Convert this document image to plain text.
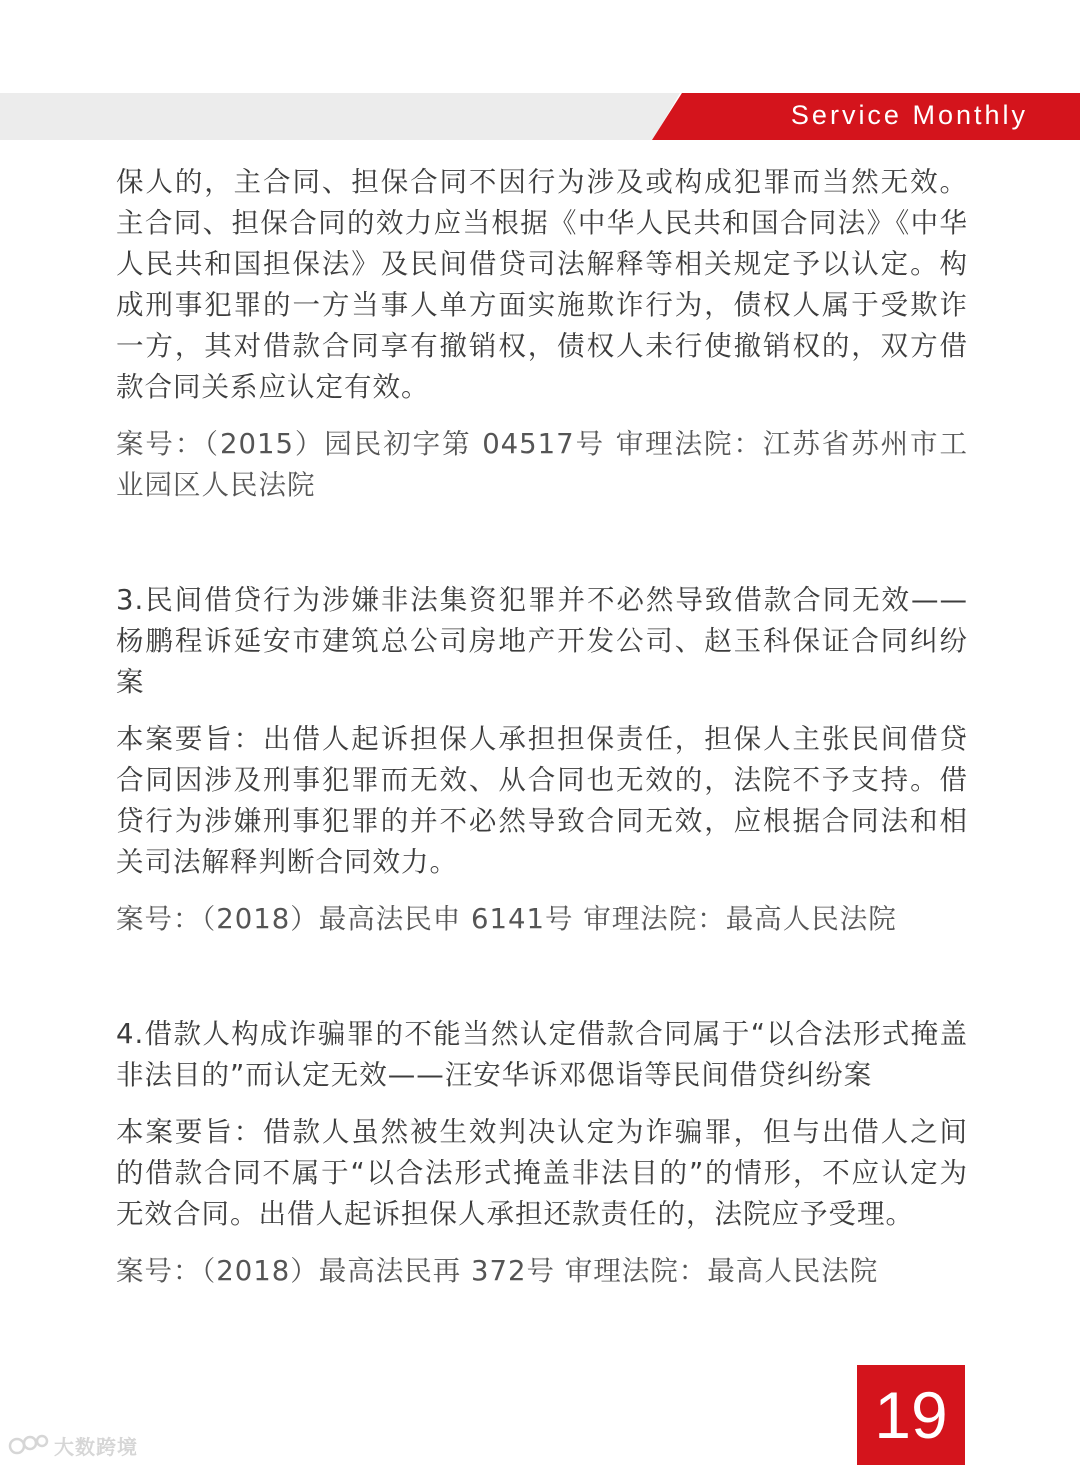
Service Monthly

保人的，主合同、担保合同不因行为涉及或构成犯罪而当然无效。主合同、担保合同的效力应当根据《中华人民共和国合同法》《中华人民共和国担保法》及民间借贷司法解释等相关规定予以认定。构成刑事犯罪的一方当事人单方面实施欺诈行为，债权人属于受欺诈一方，其对借款合同享有撤销权，债权人未行使撤销权的，双方借款合同关系应认定有效。

案号：（2015）园民初字第 04517号 审理法院：江苏省苏州市工业园区人民法院

3.民间借贷行为涉嫌非法集资犯罪并不必然导致借款合同无效——杨鹏程诉延安市建筑总公司房地产开发公司、赵玉科保证合同纠纷案

本案要旨：出借人起诉担保人承担担保责任，担保人主张民间借贷合同因涉及刑事犯罪而无效、从合同也无效的，法院不予支持。借贷行为涉嫌刑事犯罪的并不必然导致合同无效，应根据合同法和相关司法解释判断合同效力。

案号：（2018）最高法民申 6141号 审理法院：最高人民法院

4.借款人构成诈骗罪的不能当然认定借款合同属于“以合法形式掩盖非法目的”而认定无效——汪安华诉邓偲诣等民间借贷纠纷案

本案要旨：借款人虽然被生效判决认定为诈骗罪，但与出借人之间的借款合同不属于“以合法形式掩盖非法目的”的情形，不应认定为无效合同。出借人起诉担保人承担还款责任的，法院应予受理。

案号：（2018）最高法民再 372号 审理法院：最高人民法院

19
大数跨境
